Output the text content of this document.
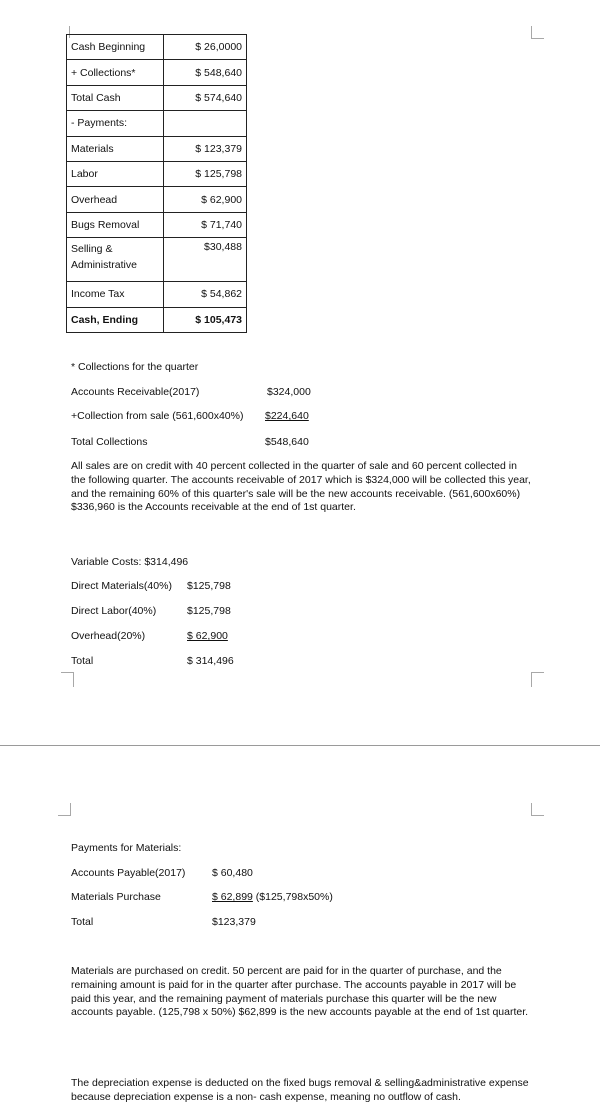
Cash Beginning	$ 26,0000
+ Collections*	$ 548,640
Total Cash	$ 574,640
- Payments:	
Materials	$ 123,379
Labor	$ 125,798
Overhead	$ 62,900
Bugs Removal	$ 71,740
Selling & Administrative	$30,488
Income Tax	$ 54,862
Cash, Ending	$ 105,473
* Collections for the quarter
Accounts Receivable(2017)	$324,000
+Collection from sale (561,600x40%) $224,640
Total Collections	$548,640
All sales are on credit with 40 percent collected in the quarter of sale and 60 percent collected in the following quarter. The accounts receivable of 2017 which is $324,000 will be collected this year, and the remaining 60% of this quarter's sale will be the new accounts receivable. (561,600x60%) $336,960 is the Accounts receivable at the end of 1st quarter.
Variable Costs: $314,496
Direct Materials(40%) $125,798
Direct Labor(40%)	$125,798
Overhead(20%)	$ 62,900
Total	$ 314,496
Payments for Materials:
Accounts Payable(2017)	$ 60,480
Materials Purchase	$ 62,899 ($125,798x50%)
Total	$123,379
Materials are purchased on credit. 50 percent are paid for in the quarter of purchase, and the remaining amount is paid for in the quarter after purchase. The accounts payable in 2017 will be paid this year, and the remaining payment of materials purchase this quarter will be the new accounts payable. (125,798 x 50%) $62,899 is the new accounts payable at the end of 1st quarter.
The depreciation expense is deducted on the fixed bugs removal & selling&administrative expense because depreciation expense is a non- cash expense, meaning no outflow of cash.
